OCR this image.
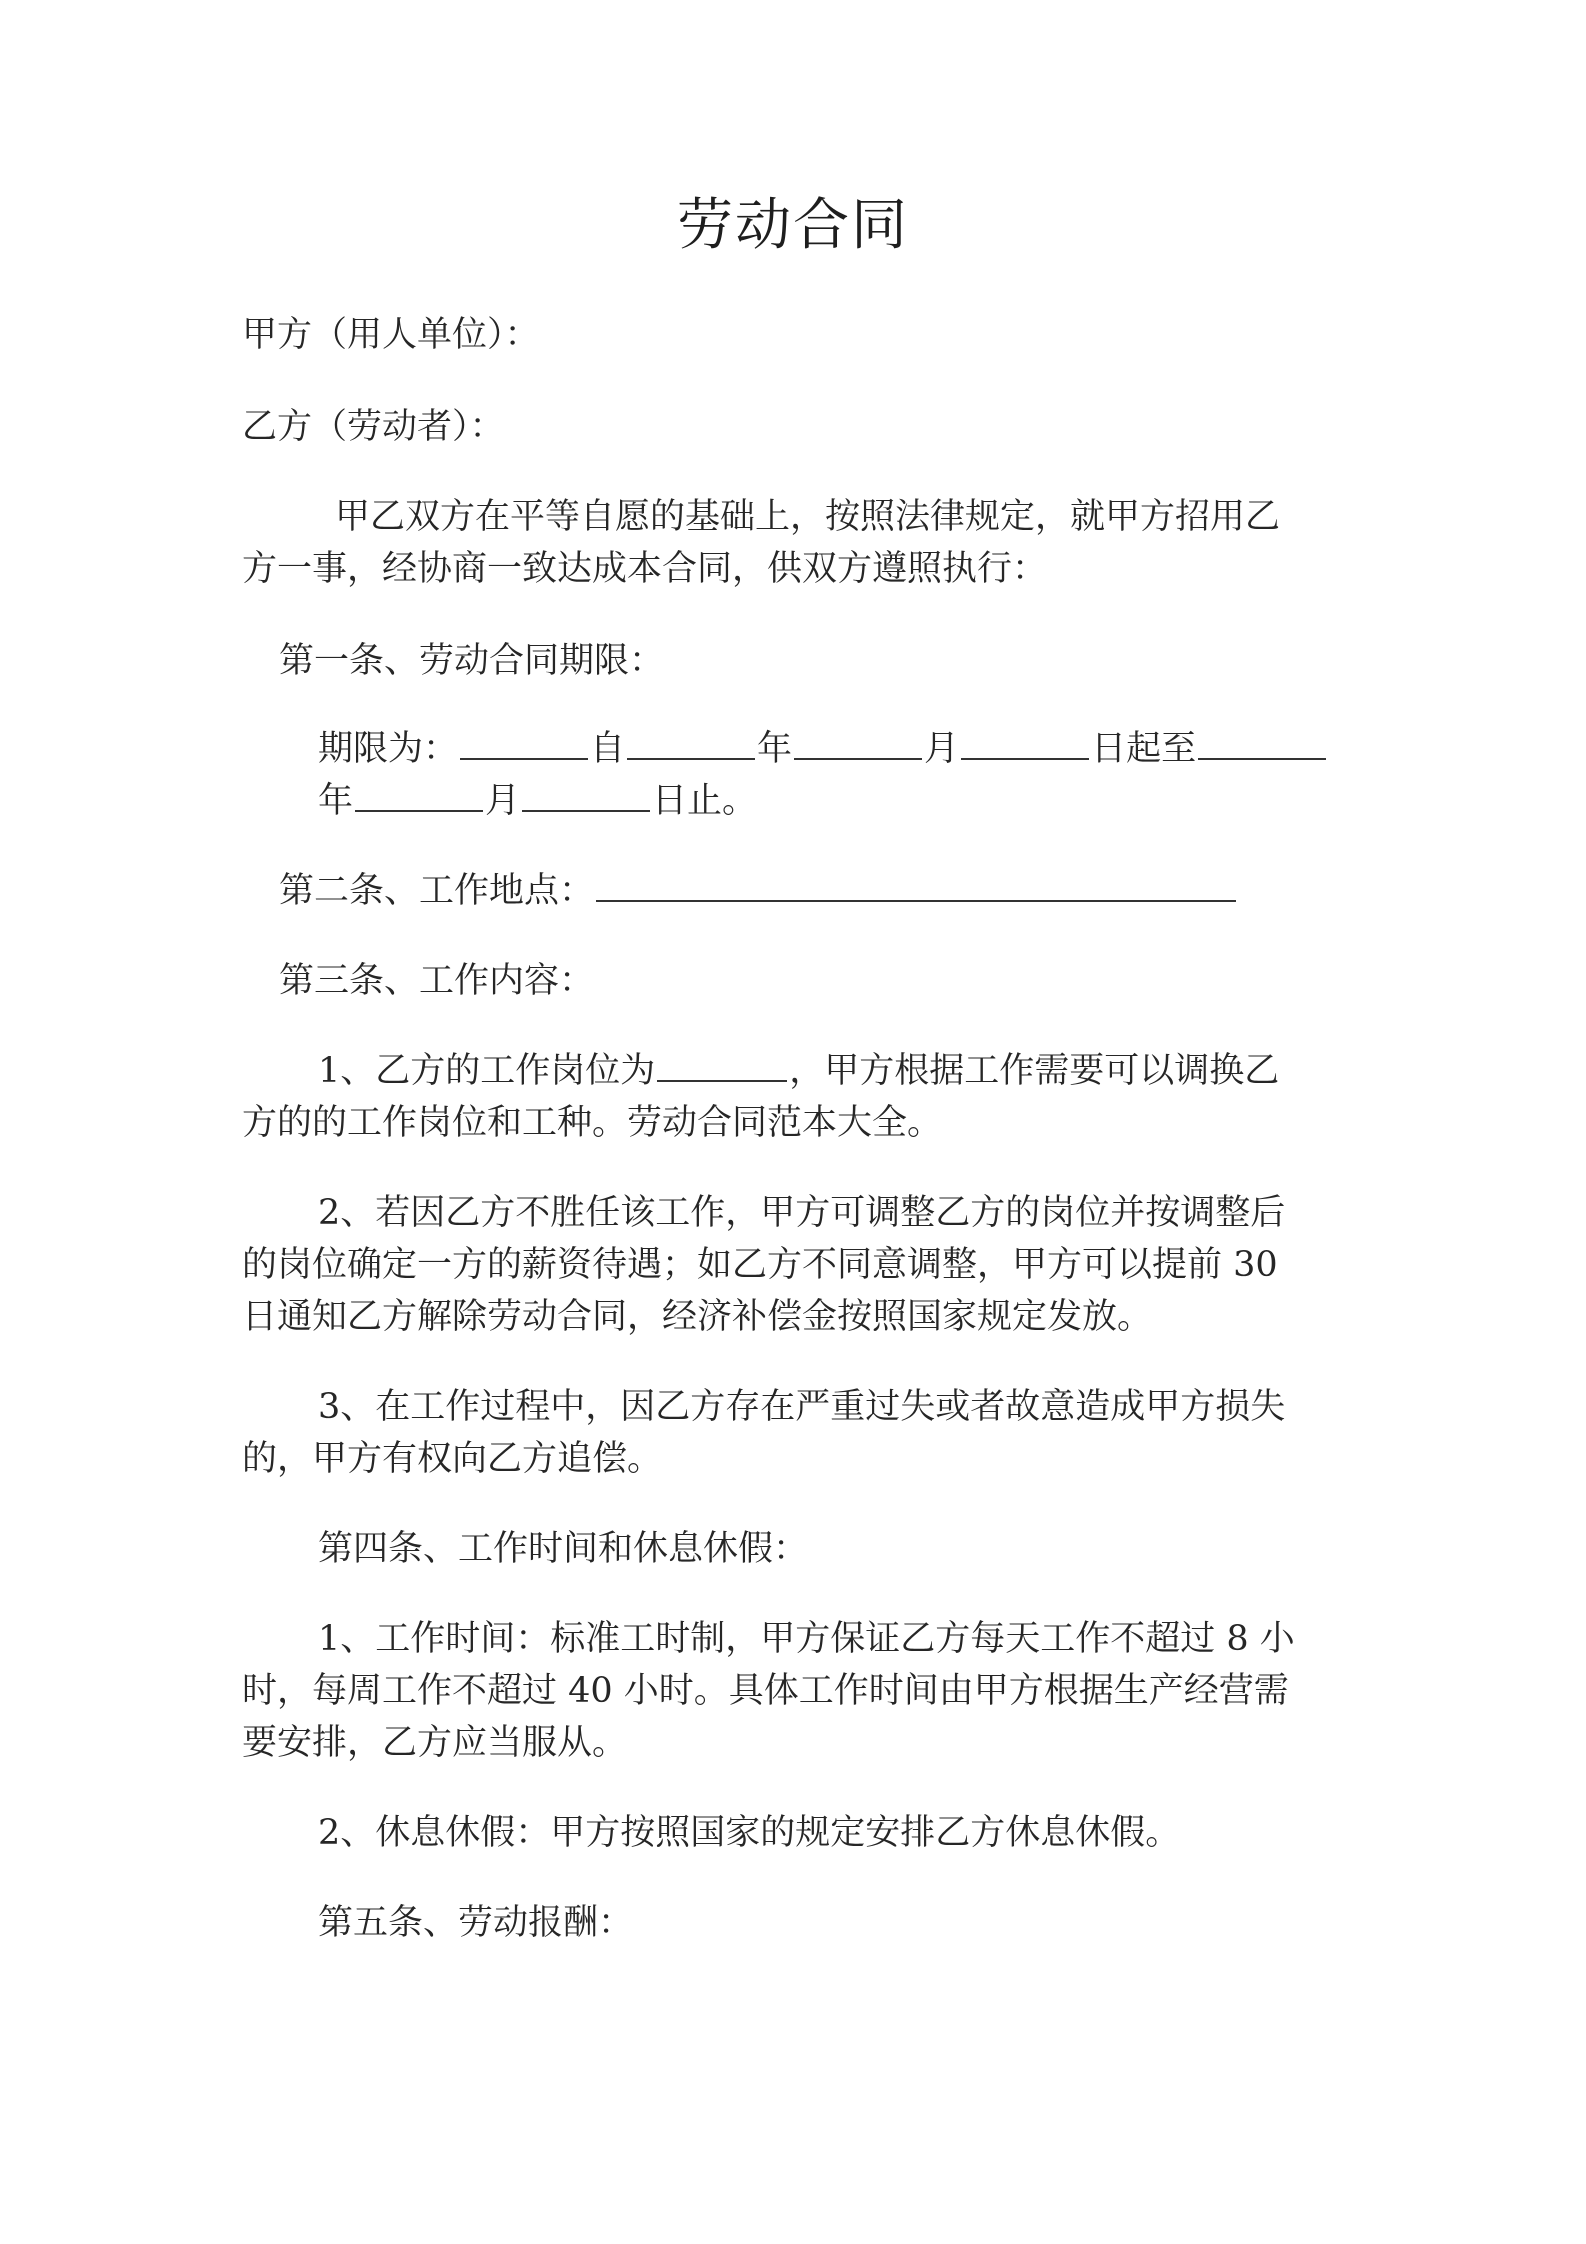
劳动合同
甲方（用人单位）：
乙方（劳动者）：
甲乙双方在平等自愿的基础上，按照法律规定，就甲方招用乙
方一事，经协商一致达成本合同，供双方遵照执行：
第一条、劳动合同期限：
期限为：	自	年	月	日起至
年	月	日止。
第二条、工作地点：
第三条、工作内容：
1、乙方的工作岗位为	，甲方根据工作需要可以调换乙
方的的工作岗位和工种。劳动合同范本大全。
2、若因乙方不胜任该工作，甲方可调整乙方的岗位并按调整后
的岗位确定一方的薪资待遇；如乙方不同意调整，甲方可以提前 30
日通知乙方解除劳动合同，经济补偿金按照国家规定发放。
3、在工作过程中，因乙方存在严重过失或者故意造成甲方损失
的，甲方有权向乙方追偿。
第四条、工作时间和休息休假：
1、工作时间：标准工时制，甲方保证乙方每天工作不超过 8 小
时，每周工作不超过 40 小时。具体工作时间由甲方根据生产经营需
要安排，乙方应当服从。
2、休息休假：甲方按照国家的规定安排乙方休息休假。
第五条、劳动报酬：
